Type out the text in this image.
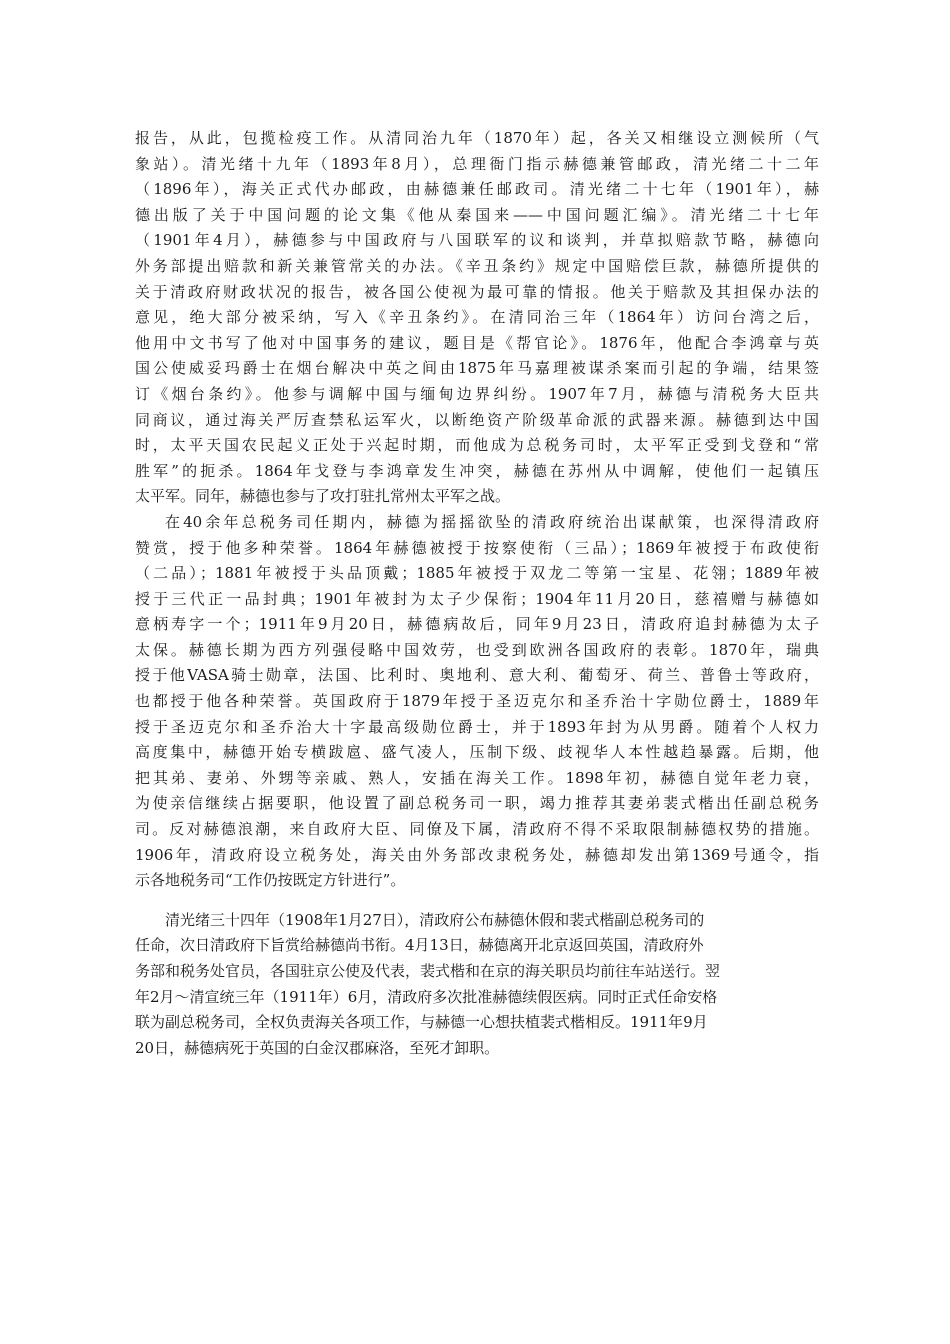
报告，从此，包揽检疫工作。从清同治九年（1870年）起，各关又相继设立测候所（气
象站）。清光绪十九年（1893年8月），总理衙门指示赫德兼管邮政，清光绪二十二年
（1896年），海关正式代办邮政，由赫德兼任邮政司。清光绪二十七年（1901年），赫
德出版了关于中国问题的论文集《他从秦国来——中国问题汇编》。清光绪二十七年
（1901年4月），赫德参与中国政府与八国联军的议和谈判，并草拟赔款节略，赫德向
外务部提出赔款和新关兼管常关的办法。《辛丑条约》规定中国赔偿巨款，赫德所提供的
关于清政府财政状况的报告，被各国公使视为最可靠的情报。他关于赔款及其担保办法的
意见，绝大部分被采纳，写入《辛丑条约》。在清同治三年（1864年）访问台湾之后，
他用中文书写了他对中国事务的建议，题目是《帮官论》。1876年，他配合李鸿章与英
国公使威妥玛爵士在烟台解决中英之间由1875年马嘉理被谋杀案而引起的争端，结果签
订《烟台条约》。他参与调解中国与缅甸边界纠纷。1907年7月，赫德与清税务大臣共
同商议，通过海关严厉查禁私运军火，以断绝资产阶级革命派的武器来源。赫德到达中国
时，太平天国农民起义正处于兴起时期，而他成为总税务司时，太平军正受到戈登和“常
胜军”的扼杀。1864年戈登与李鸿章发生冲突，赫德在苏州从中调解，使他们一起镇压
太平军。同年，赫德也参与了攻打驻扎常州太平军之战。
在40余年总税务司任期内，赫德为摇摇欲坠的清政府统治出谋献策，也深得清政府
赞赏，授于他多种荣誉。1864年赫德被授于按察使衔（三品）；1869年被授于布政使衔
（二品）；1881年被授于头品顶戴；1885年被授于双龙二等第一宝星、花翎；1889年被
授于三代正一品封典；1901年被封为太子少保衔；1904年11月20日，慈禧赠与赫德如
意柄寿字一个；1911年9月20日，赫德病故后，同年9月23日，清政府追封赫德为太子
太保。赫德长期为西方列强侵略中国效劳，也受到欧洲各国政府的表彰。1870年，瑞典
授于他VASA骑士勋章，法国、比利时、奥地利、意大利、葡萄牙、荷兰、普鲁士等政府，
也都授于他各种荣誉。英国政府于1879年授于圣迈克尔和圣乔治十字勋位爵士，1889年
授于圣迈克尔和圣乔治大十字最高级勋位爵士，并于1893年封为从男爵。随着个人权力
高度集中，赫德开始专横跋扈、盛气凌人，压制下级、歧视华人本性越趋暴露。后期，他
把其弟、妻弟、外甥等亲戚、熟人，安插在海关工作。1898年初，赫德自觉年老力衰，
为使亲信继续占据要职，他设置了副总税务司一职，竭力推荐其妻弟裴式楷出任副总税务
司。反对赫德浪潮，来自政府大臣、同僚及下属，清政府不得不采取限制赫德权势的措施。
1906年，清政府设立税务处，海关由外务部改隶税务处，赫德却发出第1369号通令，指
示各地税务司“工作仍按既定方针进行”。
清光绪三十四年（1908年1月27日），清政府公布赫德休假和裴式楷副总税务司的
任命，次日清政府下旨赏给赫德尚书衔。4月13日，赫德离开北京返回英国，清政府外
务部和税务处官员，各国驻京公使及代表，裴式楷和在京的海关职员均前往车站送行。翌
年2月～清宣统三年（1911年）6月，清政府多次批准赫德续假医病。同时正式任命安格
联为副总税务司，全权负责海关各项工作，与赫德一心想扶植裴式楷相反。1911年9月
20日，赫德病死于英国的白金汉郡麻洛，至死才卸职。
